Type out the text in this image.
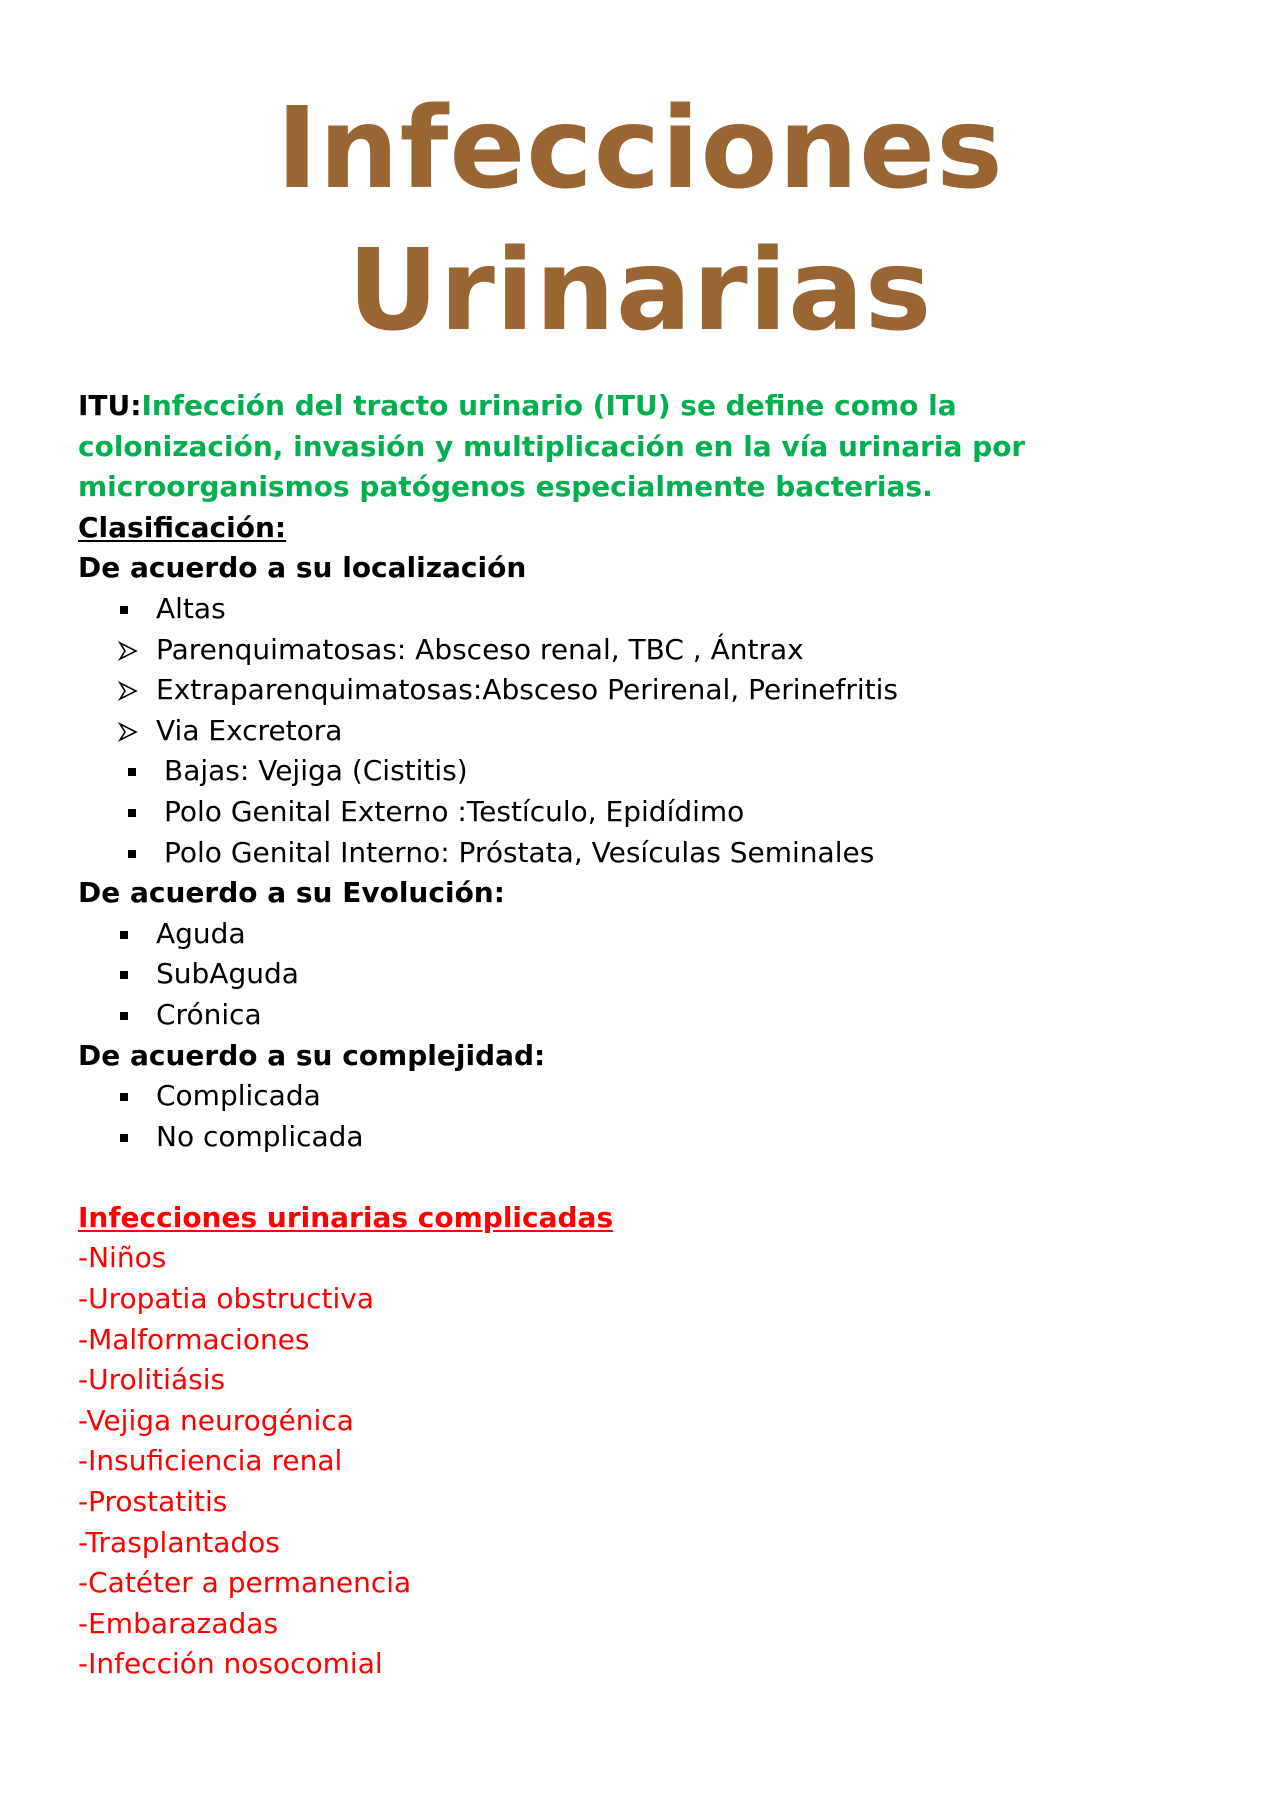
Infecciones
Urinarias
ITU:Infección del tracto urinario (ITU) se define como la
colonización, invasión y multiplicación en la vía urinaria por
microorganismos patógenos especialmente bacterias.
Clasificación:
De acuerdo a su localización
Altas
Parenquimatosas: Absceso renal, TBC , Ántrax
Extraparenquimatosas:Absceso Perirenal, Perinefritis
Via Excretora
Bajas: Vejiga (Cistitis)
Polo Genital Externo :Testículo, Epidídimo
Polo Genital Interno: Próstata, Vesículas Seminales
De acuerdo a su Evolución:
Aguda
SubAguda
Crónica
De acuerdo a su complejidad:
Complicada
No complicada
Infecciones urinarias complicadas
-Niños
-Uropatia obstructiva
-Malformaciones
-Urolitiásis
-Vejiga neurogénica
-Insuficiencia renal
-Prostatitis
-Trasplantados
-Catéter a permanencia
-Embarazadas
-Infección nosocomial
